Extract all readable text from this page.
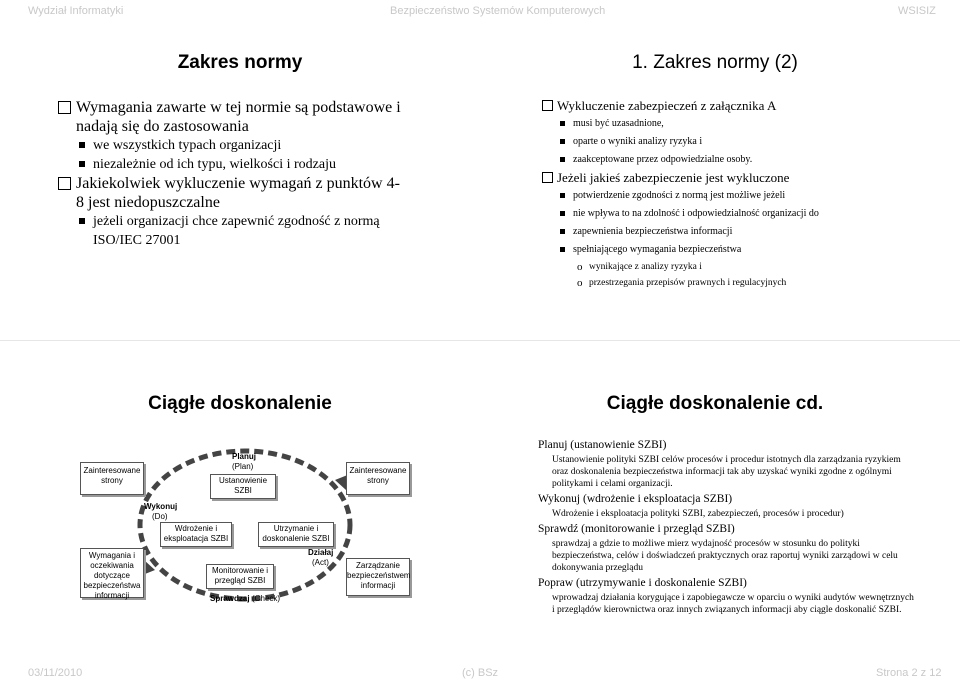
Wydział Informatyki	Bezpieczeństwo Systemów Komputerowych	WSISIZ
Zakres normy
Wymagania zawarte w tej normie są podstawowe i nadają się do zastosowania
we wszystkich typach organizacji
niezależnie od ich typu, wielkości i rodzaju
Jakiekolwiek wykluczenie wymagań z punktów 4-8 jest niedopuszczalne
jeżeli organizacji chce zapewnić zgodność z normą ISO/IEC 27001
1. Zakres normy (2)
Wykluczenie zabezpieczeń z załącznika A
musi być uzasadnione,
oparte o wyniki analizy ryzyka i
zaakceptowane przez odpowiedzialne osoby.
Jeżeli jakieś zabezpieczenie jest wykluczone
potwierdzenie zgodności z normą jest możliwe jeżeli
nie wpływa to na zdolność i odpowiedzialność organizacji do
zapewnienia bezpieczeństwa informacji
spełniającego wymagania bezpieczeństwa
o wynikające z analizy ryzyka i
o przestrzegania przepisów prawnych i regulacyjnych
Ciągłe doskonalenie
Zainteresowane strony
Wymagania i oczekiwania dotyczące bezpieczeństwa informacji
Zainteresowane strony
Zarządzanie bezpieczeństwem informacji
Planuj
(Plan)
Ustanowienie SZBI
Wykonuj
(Do)
Wdrożenie i eksploatacja SZBI
Utrzymanie i doskonalenie SZBI
Działaj
(Act)
Monitorowanie i przegląd SZBI
Sprawdzaj (Check)
Ciągłe doskonalenie cd.
Planuj (ustanowienie SZBI)
Ustanowienie polityki SZBI celów procesów i procedur istotnych dla zarządzania ryzykiem oraz doskonalenia bezpieczeństwa informacji tak aby uzyskać wyniki zgodne z ogólnymi politykami i celami organizacji.
Wykonuj (wdrożenie i eksploatacja SZBI)
Wdrożenie i eksploatacja polityki SZBI, zabezpieczeń, procesów i procedur)
Sprawdź (monitorowanie i przegląd SZBI)
sprawdzaj a gdzie to możliwe mierz wydajność procesów w stosunku do polityki bezpieczeństwa, celów i doświadczeń praktycznych oraz raportuj wyniki zarządowi w celu dokonywania przeglądu
Popraw (utrzymywanie i doskonalenie SZBI)
wprowadzaj działania korygujące i zapobiegawcze w oparciu o wyniki audytów wewnętrznych i przeglądów kierownictwa oraz innych związanych informacji aby ciągle doskonalić SZBI.
03/11/2010	(c) BSz	Strona 2 z 12
